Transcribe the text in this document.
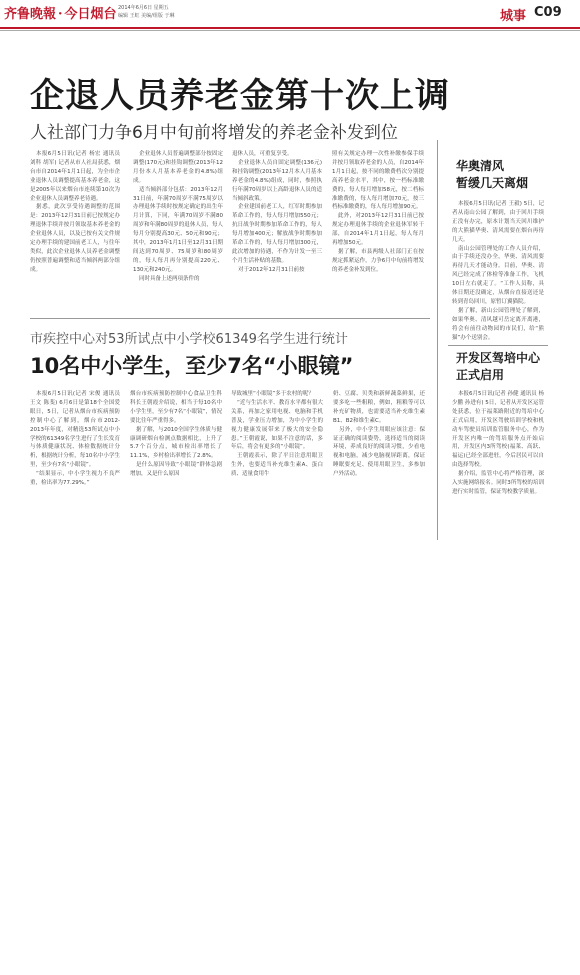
齐鲁晚報 · 今日烟台 2014年6月6日 星期五
编辑 王虹 美编/组版 于琳	城事 C09
企退人员养老金第十次上调
人社部门力争6月中旬前将增发的养老金补发到位

本报6月5日讯(记者 杨宏 通讯员 刘科 胡军) 记者从市人社局获悉，烟台市自2014年1月1日起，为全市企业退休人员调整提高基本养老金，这是2005年以来烟台市连续第10次为企业退休人员调整养老待遇。

据悉，此次享受待遇调整的范围是：2013年12月31日前已按规定办理退休手续并按月领取基本养老金的企业退休人员，以及已按有关文件规定办理手续的建国前老工人，与往年类似，此次企业退休人员养老金调整仍按照普遍调整和适当倾斜两部分组成。

企业退休人员普遍调整部分按固定调整(170元)和挂钩调整(2013年12月份本人月基本养老金的4.8%)组成。

适当倾斜部分包括：2013年12月31日前，年满70周岁不满75周岁以办理退休手续时按规定确定的出生年月计算，下同，年满70周岁不满80周岁和年满80周岁的退休人员，每人每月分别提高30元、50元和90元；其中，2013年1月1日至12月31日期间达到70周岁、75周岁和80周岁的，每人每月再分别提高220元、130元和240元。

同时具备上述两项条件的

退休人员，可重复享受。

企业退休人员自固定调整(136元)和挂钩调整(2013年12月本人月基本养老金的4.8%)组成，同时，参照执行年满70周岁以上高龄退休人员的适当倾斜政策。

企业建国前老工人，红军时期参加革命工作的，每人每月增加550元；抗日战争时期参加革命工作的，每人每月增加400元；解放战争时期参加革命工作的，每人每月增加300元，此次增加的待遇，不作为计发一至三个月生活补贴的基数。

对于2012年12月31日前按

照有关规定办理一次性补缴参保手续并按月领取养老金的人员，自2014年1月1日起，按不同的缴费档次分别提高养老金水平，其中，按一档标准缴费的，每人每月增加58元，按二档标准缴费的，每人每月增加70元，按三档标准缴费的，每人每月增加90元。

此外，对2013年12月31日前已按规定办理退休手续的企业退休军转干部，自2014年1月1日起，每人每月再增加50元。

据了解，市县两级人社部门正在按规定抓紧运作，力争6月中旬前将增发的养老金补发到位。

市疾控中心对53所试点中小学校61349名学生进行统计
10名中小学生，至少7名“小眼镜”

本报6月5日讯(记者 宋俊 通讯员 王文 陈斐) 6月6日是第18个全国爱眼日，5日，记者从烟台市疾病预防控制中心了解到，烟台市2012-2013年年度，对精选53所试点中小学校的61349名学生进行了生长发育与体质健康状况、体检数据统计分析，根据统计分析，每10名中小学生里，至少有7名“小眼镜”。

“结果显示，中小学生视力不良严重，检出率为77.29%。”

烟台市疾病预防控制中心食品卫生科科长王朝霞介绍说，相当于每10名中小学生里，至少有7名“小眼镜”，情况要比往年严重得多。

据了解，与2010全国学生体质与健康调研烟台检测点数据相比，上升了5.7个百分点，城市检出率增长了11.1%，乡村检出率增长了2.8%。

是什么原因导致“小眼镜”群体急剧增加，又是什么原因

导致城里“小眼镜”多于农村的呢？

“近与生活水平、教育水平都有很大关系，再加之家用电视、电脑和手机普及，学业压力增加，为中小学生的视力健康发展带来了极大的安全隐患。”王朝霞说，如果不注意的话，多年后，将会有更多的“小眼镜”。

王朝霞表示，除了平日注意用眼卫生外，也要适当补充维生素A、蛋白质、适量食用牛

奶、豆腐、贝类和新鲜蔬菜鲜果，还要多吃一些粗粮，例如，粗粮等可以补充矿物质，也需要适当补充维生素B1、B2和维生素C。

另外，中小学生用眼应该注意：保证正确的阅读姿势，选择适当的阅读环境，养成良好的阅读习惯，少看电视和电脑，减少电脑视屏距离，保证睡眠要充足、使用用眼卫生，多参加户外活动。

华奥清风
暂缓几天离烟

本报6月5日讯(记者 王毅) 5日，记者从南山公园了解到，由于回川手续正没有办完，原本计划当天回川维护的大熊猫华奥、清风需要在烟台再待几天。

南山公园管理处的工作人员介绍，由于手续还没办全，华奥、清风需要再待几天才能动身。目前，华奥、清风已经完成了体检等准备工作，飞机10日左右就走了。“工作人员称，具体日期还没确定，从烟台直接送还是转到青岛回川，原暂订翼猫院。

据了解，新山公园管理处了解到，如果华奥、清风越可岳定离开离港，将会有前往动物园的市民们，给“熊猫”办个送别会。

开发区驾培中心
正式启用

本报6月5日讯(记者 孙健 通讯员 杨少鹏 孙进有) 5日，记者从开发区运管处获悉，位于福莱路附近的驾培中心正式启用，开发区驾驶培训学校和机动车驾驶员培训监管服务中心，作为开发区内唯一的驾培服务点开始启用，开发区内3所驾校(福莱、高跃、福运)已经全部进驻，今后居民可以自由选择驾校。

据介绍，监管中心将严格管理，深入实施网络报名。同时3所驾校的培训进行实时监管，保证驾校教学质量。
